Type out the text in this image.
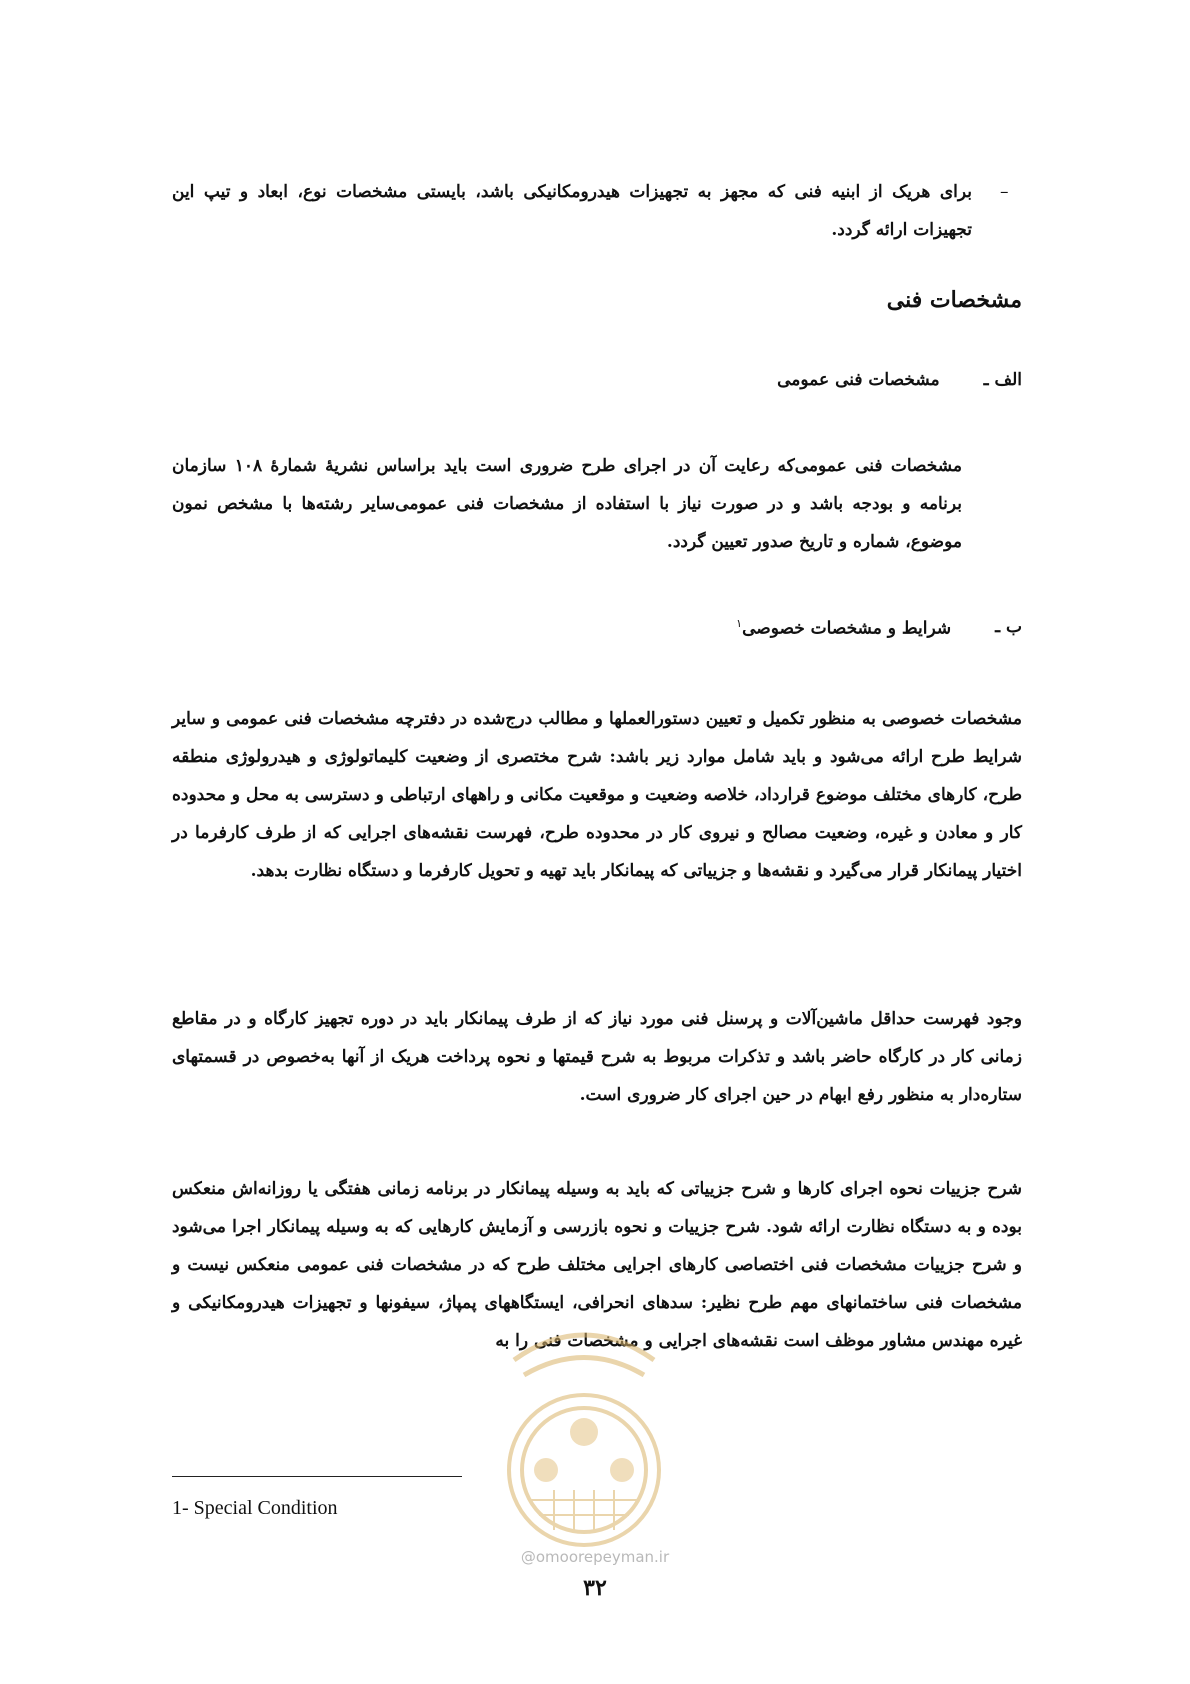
–

برای هریک از ابنیه فنی که مجهز به تجهیزات هیدرومکانیکی باشد، بایستی مشخصات نوع، ابعاد و تیپ این تجهیزات ارائه گردد.

مشخصات فنی
الف ـ
مشخصات فنی عمومی

مشخصات فنی عمومی‌که رعایت آن در اجرای طرح ضروری است باید براساس نشریۀ شمارۀ ۱۰۸ سازمان برنامه و بودجه باشد و در صورت نیاز با استفاده از مشخصات فنی عمومی‌سایر رشته‌ها با مشخص نمون موضوع، شماره و تاریخ صدور تعیین گردد.

ب ـ
شرایط و مشخصات خصوصی$^۱$

مشخصات خصوصی به منظور تکمیل و تعیین دستورالعملها و مطالب درج‌شده در دفترچه مشخصات فنی عمومی و سایر شرایط طرح ارائه می‌شود و باید شامل موارد زیر باشد: شرح مختصری از وضعیت کلیماتولوژی و هیدرولوژی منطقه طرح، کارهای مختلف موضوع قرارداد، خلاصه وضعیت و موقعیت مکانی و راههای ارتباطی و دسترسی به محل و محدوده کار و معادن و غیره، وضعیت مصالح و نیروی کار در محدوده طرح، فهرست نقشه‌های اجرایی که از طرف کارفرما در اختیار پیمانکار قرار می‌گیرد و نقشه‌ها و جزییاتی که پیمانکار باید تهیه و تحویل کارفرما و دستگاه نظارت بدهد.

وجود فهرست حداقل ماشین‌آلات و پرسنل فنی مورد نیاز که از طرف پیمانکار باید در دوره تجهیز کارگاه و در مقاطع زمانی کار در کارگاه حاضر باشد و تذکرات مربوط به شرح قیمتها و نحوه پرداخت هریک از آنها به‌خصوص در قسمتهای ستاره‌دار به منظور رفع ابهام در حین اجرای کار ضروری است.

شرح جزییات نحوه اجرای کارها و شرح جزییاتی که باید به وسیله پیمانکار در برنامه زمانی هفتگی یا روزانه‌اش منعکس بوده و به دستگاه نظارت ارائه شود. شرح جزییات و نحوه بازرسی و آزمایش کارهایی که به وسیله پیمانکار اجرا می‌شود و شرح جزییات مشخصات فنی اختصاصی کارهای اجرایی مختلف طرح که در مشخصات فنی عمومی منعکس نیست و مشخصات فنی ساختمانهای مهم طرح نظیر: سدهای انحرافی، ایستگاههای پمپاژ، سیفونها و تجهیزات هیدرومکانیکی و غیره مهندس مشاور موظف است نقشه‌های اجرایی و مشخصات فنی را به

@omoorepeyman.ir
1- Special Condition
۳۲
